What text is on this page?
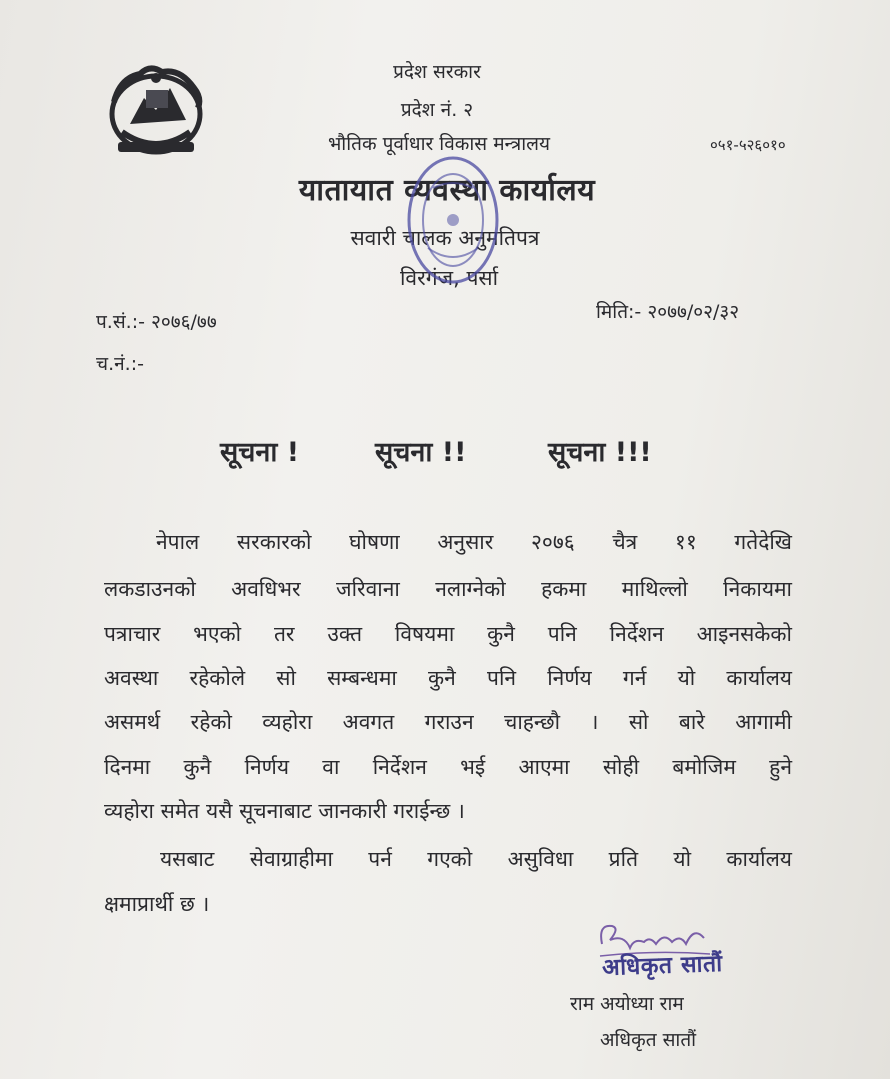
प्रदेश सरकार
प्रदेश नं. २
भौतिक पूर्वाधार विकास मन्त्रालय	०५१-५२६०१०
यातायात व्यवस्था कार्यालय
सवारी चालक अनुमतिपत्र
विरगंज, पर्सा
प.सं.:- २०७६/७७	मिति:- २०७७/०२/३२
च.नं.:-
सूचना !	सूचना !!	सूचना !!!
नेपाल सरकारको घोषणा अनुसार २०७६ चैत्र ११ गतेदेखि
लकडाउनको अवधिभर जरिवाना नलाग्नेको हकमा माथिल्लो निकायमा
पत्राचार भएको तर उक्त विषयमा कुनै पनि निर्देशन आइनसकेको
अवस्था रहेकोले सो सम्बन्धमा कुनै पनि निर्णय गर्न यो कार्यालय
असमर्थ रहेको व्यहोरा अवगत गराउन चाहन्छौ । सो बारे आगामी
दिनमा कुनै निर्णय वा निर्देशन भई आएमा सोही बमोजिम हुने
व्यहोरा समेत यसै सूचनाबाट जानकारी गराईन्छ ।
यसबाट सेवाग्राहीमा पर्न गएको असुविधा प्रति यो कार्यालय
क्षमाप्रार्थी छ ।
अधिकृत सातौं
राम अयोध्या राम
अधिकृत सातौं
